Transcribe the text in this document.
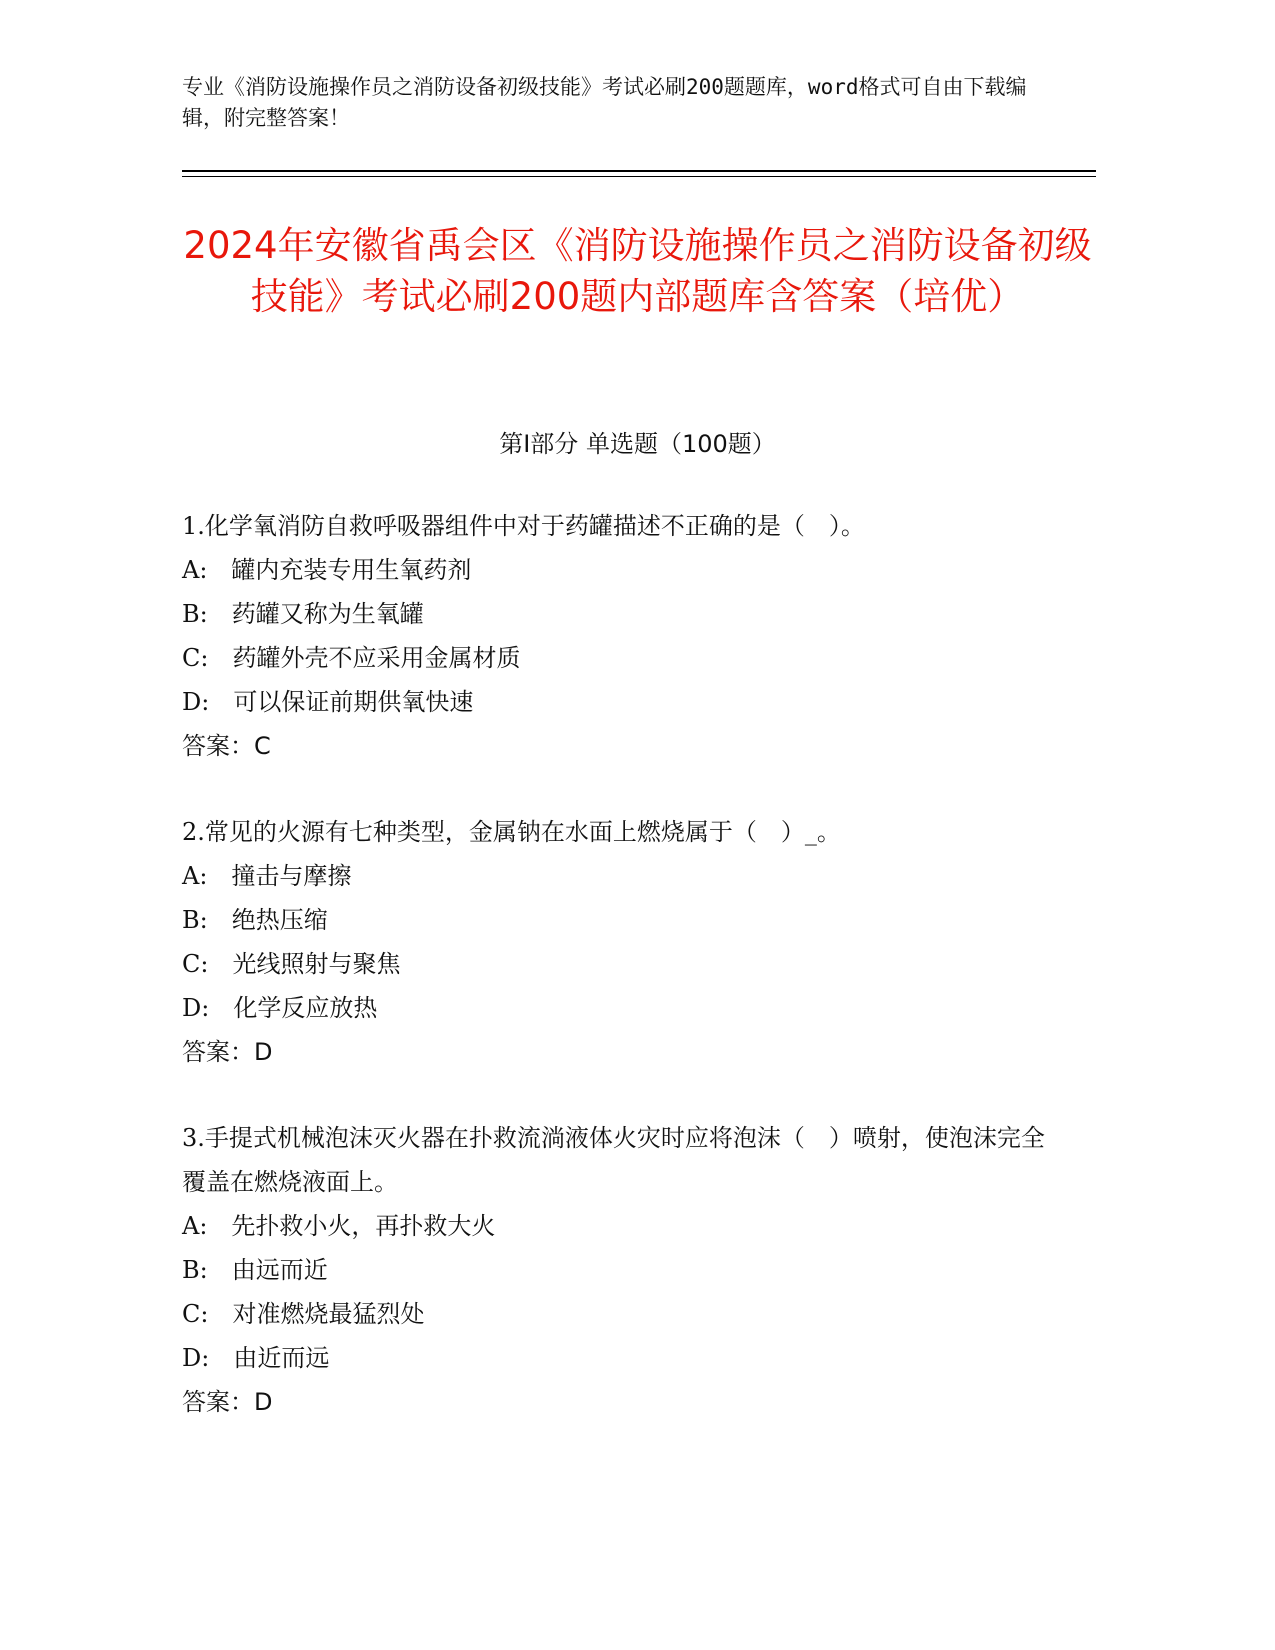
专业《消防设施操作员之消防设备初级技能》考试必刷200题题库，word格式可自由下载编辑，附完整答案！
2024年安徽省禹会区《消防设施操作员之消防设备初级技能》考试必刷200题内部题库含答案（培优）
第I部分 单选题（100题）

1.化学氧消防自救呼吸器组件中对于药罐描述不正确的是（　）。

A:　罐内充装专用生氧药剂

B:　药罐又称为生氧罐

C:　药罐外壳不应采用金属材质

D:　可以保证前期供氧快速

答案：C

2.常见的火源有七种类型，金属钠在水面上燃烧属于（　）_。

A:　撞击与摩擦

B:　绝热压缩

C:　光线照射与聚焦

D:　化学反应放热

答案：D

3.手提式机械泡沫灭火器在扑救流淌液体火灾时应将泡沫（　）喷射，使泡沫完全覆盖在燃烧液面上。

A:　先扑救小火，再扑救大火

B:　由远而近

C:　对准燃烧最猛烈处

D:　由近而远

答案：D
